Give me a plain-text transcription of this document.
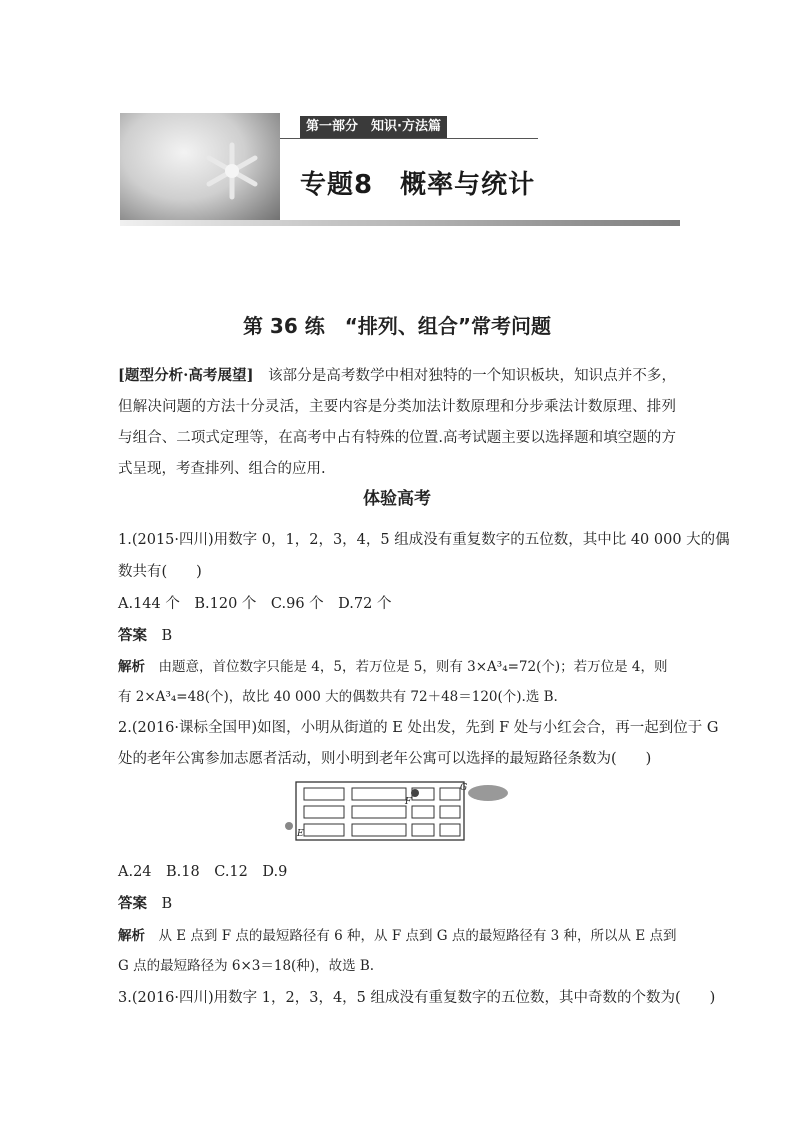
第一部分　知识·方法篇
专题8　概率与统计
第 36 练　“排列、组合”常考问题
[题型分析·高考展望]　该部分是高考数学中相对独特的一个知识板块，知识点并不多，但解决问题的方法十分灵活，主要内容是分类加法计数原理和分步乘法计数原理、排列与组合、二项式定理等，在高考中占有特殊的位置.高考试题主要以选择题和填空题的方式呈现，考查排列、组合的应用.
体验高考
1.(2015·四川)用数字 0，1，2，3，4，5 组成没有重复数字的五位数，其中比 40 000 大的偶
数共有(　　)
A.144 个　B.120 个　C.96 个　D.72 个
答案　 B
解析　 由题意，首位数字只能是 4，5，若万位是 5，则有 3×A³₄=72(个)；若万位是 4，则
有 2×A³₄=48(个)，故比 40 000 大的偶数共有 72＋48＝120(个).选 B.
2.(2016·课标全国甲)如图，小明从街道的 E 处出发，先到 F 处与小红会合，再一起到位于 G
处的老年公寓参加志愿者活动，则小明到老年公寓可以选择的最短路径条数为(　　)
E
F
G
A.24　B.18　C.12　D.9
答案　 B
解析　 从 E 点到 F 点的最短路径有 6 种，从 F 点到 G 点的最短路径有 3 种，所以从 E 点到
G 点的最短路径为 6×3＝18(种)，故选 B.
3.(2016·四川)用数字 1，2，3，4，5 组成没有重复数字的五位数，其中奇数的个数为(　　)
